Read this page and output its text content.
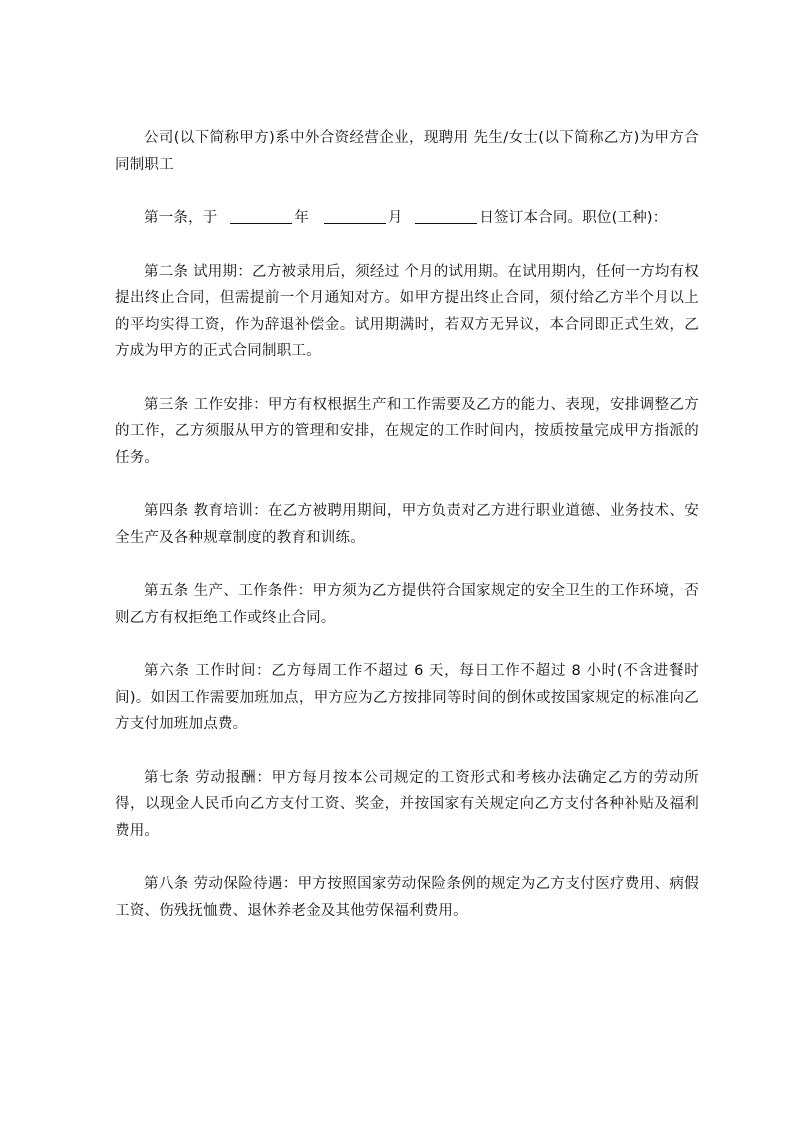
公司(以下简称甲方)系中外合资经营企业，现聘用 先生/女士(以下简称乙方)为甲方合同制职工

第一条，于	年	月	日签订本合同。职位(工种)：

第二条 试用期：乙方被录用后，须经过 个月的试用期。在试用期内，任何一方均有权提出终止合同，但需提前一个月通知对方。如甲方提出终止合同，须付给乙方半个月以上的平均实得工资，作为辞退补偿金。试用期满时，若双方无异议，本合同即正式生效，乙方成为甲方的正式合同制职工。

第三条 工作安排：甲方有权根据生产和工作需要及乙方的能力、表现，安排调整乙方的工作，乙方须服从甲方的管理和安排，在规定的工作时间内，按质按量完成甲方指派的任务。

第四条 教育培训：在乙方被聘用期间，甲方负责对乙方进行职业道德、业务技术、安全生产及各种规章制度的教育和训练。

第五条 生产、工作条件：甲方须为乙方提供符合国家规定的安全卫生的工作环境，否则乙方有权拒绝工作或终止合同。

第六条 工作时间：乙方每周工作不超过 6 天，每日工作不超过 8 小时(不含进餐时间)。如因工作需要加班加点，甲方应为乙方按排同等时间的倒休或按国家规定的标准向乙方支付加班加点费。

第七条 劳动报酬：甲方每月按本公司规定的工资形式和考核办法确定乙方的劳动所得，以现金人民币向乙方支付工资、奖金，并按国家有关规定向乙方支付各种补贴及福利费用。

第八条 劳动保险待遇：甲方按照国家劳动保险条例的规定为乙方支付医疗费用、病假工资、伤残抚恤费、退休养老金及其他劳保福利费用。
